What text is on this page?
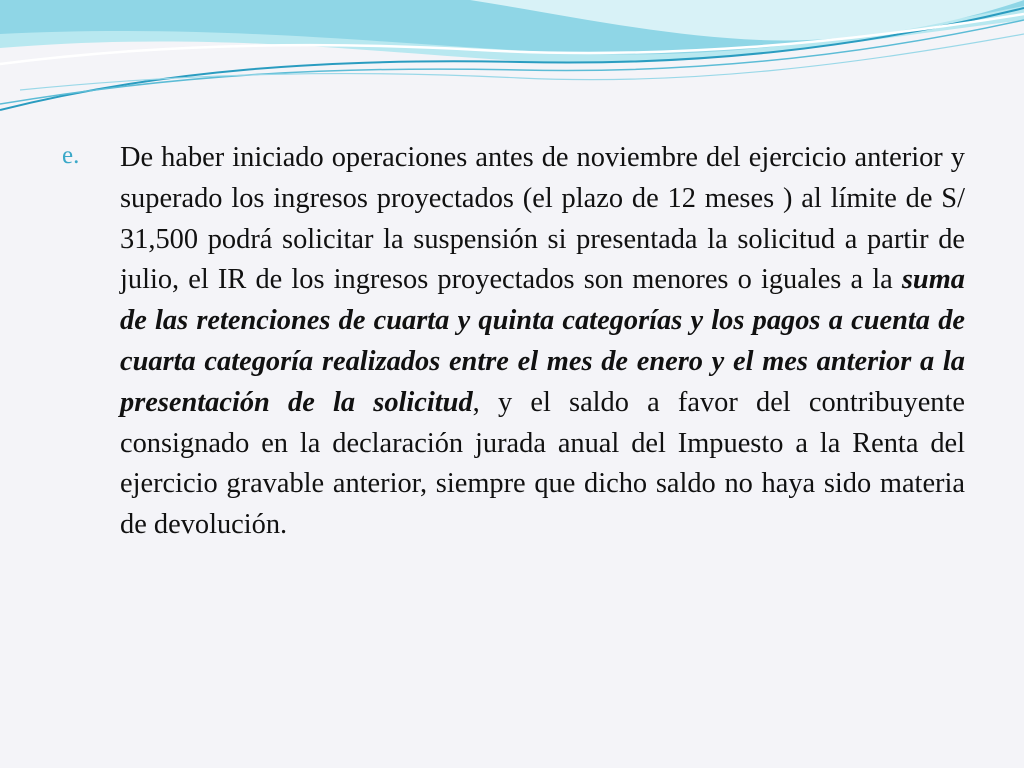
e. De haber iniciado operaciones antes de noviembre del ejercicio anterior y superado los ingresos proyectados (el plazo de 12 meses ) al límite de S/ 31,500 podrá solicitar la suspensión si presentada la solicitud a partir de julio, el IR de los ingresos proyectados son menores o iguales a la suma de las retenciones de cuarta y quinta categorías y los pagos a cuenta de cuarta categoría realizados entre el mes de enero y el mes anterior a la presentación de la solicitud, y el saldo a favor del contribuyente consignado en la declaración jurada anual del Impuesto a la Renta del ejercicio gravable anterior, siempre que dicho saldo no haya sido materia de devolución.
